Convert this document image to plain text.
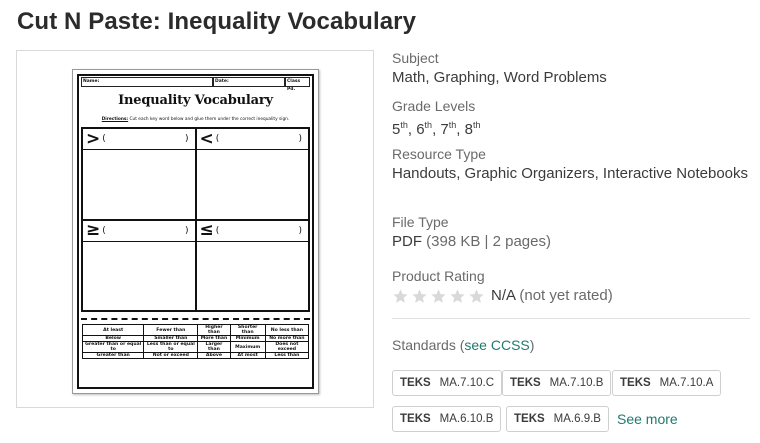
Cut N Paste: Inequality Vocabulary
Name:	Date:	Class Pd.
Inequality Vocabulary
Directions: Cut each key word below and glue them under the correct inequality sign.
> (	) < (	)
≥ (	) ≤ (	)
At least	Fewer than	Higher than	Shorter than	No less than
Below	Smaller than	More than	Minimum	No more than
Greater than or equal to	Less than or equal to	Larger than	Maximum	Does not exceed
Greater than	Not or exceed	Above	At most	Less than
Subject
Math, Graphing, Word Problems
Grade Levels
5th, 6th, 7th, 8th
Resource Type
Handouts, Graphic Organizers, Interactive Notebooks
File Type
PDF (398 KB | 2 pages)
Product Rating
N/A (not yet rated)
Standards (see CCSS)
TEKS MA.7.10.C TEKS MA.7.10.B TEKS MA.7.10.A
TEKS MA.6.10.B TEKS MA.6.9.B See more
